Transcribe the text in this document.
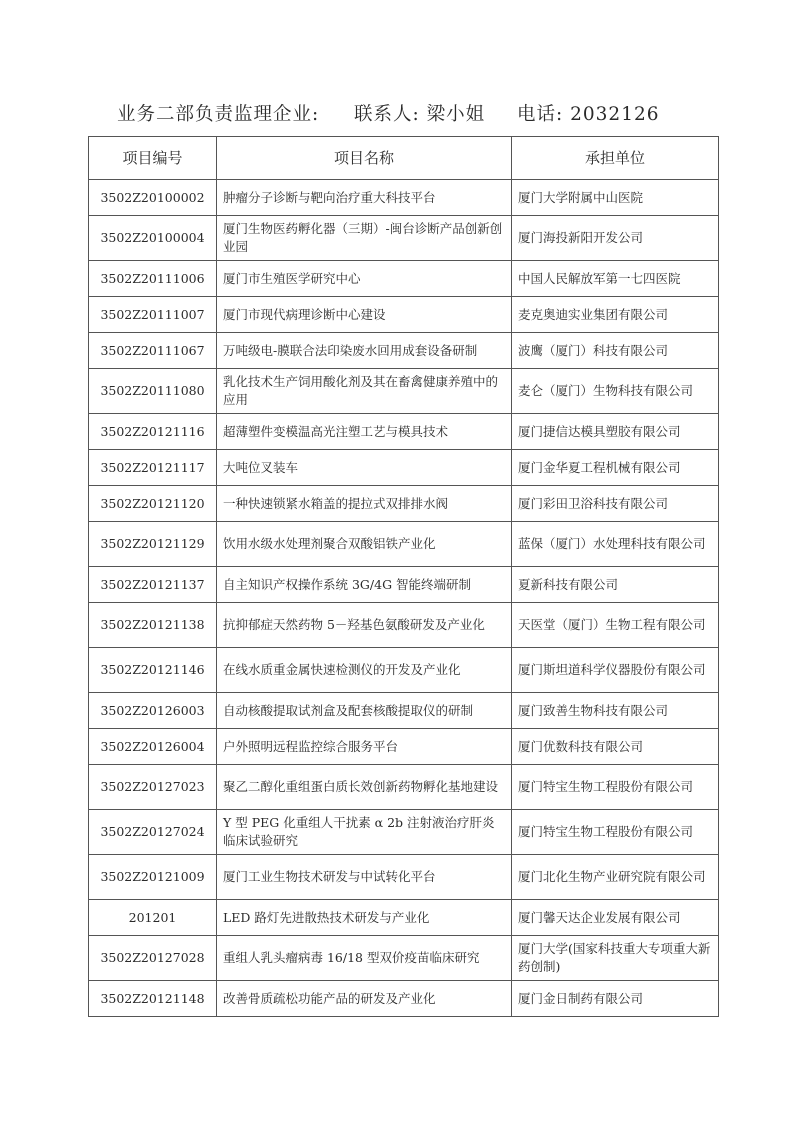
业务二部负责监理企业: 联系人: 梁小姐 电话: 2032126
项目编号	项目名称	承担单位
3502Z20100002	肿瘤分子诊断与靶向治疗重大科技平台	厦门大学附属中山医院
3502Z20100004	厦门生物医药孵化器（三期）-闽台诊断产品创新创业园	厦门海投新阳开发公司
3502Z20111006	厦门市生殖医学研究中心	中国人民解放军第一七四医院
3502Z20111007	厦门市现代病理诊断中心建设	麦克奥迪实业集团有限公司
3502Z20111067	万吨级电-膜联合法印染废水回用成套设备研制	波鹰（厦门）科技有限公司
3502Z20111080	乳化技术生产饲用酸化剂及其在畜禽健康养殖中的应用	麦仑（厦门）生物科技有限公司
3502Z20121116	超薄塑件变模温高光注塑工艺与模具技术	厦门捷信达模具塑胶有限公司
3502Z20121117	大吨位叉装车	厦门金华夏工程机械有限公司
3502Z20121120	一种快速锁紧水箱盖的提拉式双排排水阀	厦门彩田卫浴科技有限公司
3502Z20121129	饮用水级水处理剂聚合双酸铝铁产业化	蓝保（厦门）水处理科技有限公司
3502Z20121137	自主知识产权操作系统 3G/4G 智能终端研制	夏新科技有限公司
3502Z20121138	抗抑郁症天然药物 5－羟基色氨酸研发及产业化	天医堂（厦门）生物工程有限公司
3502Z20121146	在线水质重金属快速检测仪的开发及产业化	厦门斯坦道科学仪器股份有限公司
3502Z20126003	自动核酸提取试剂盒及配套核酸提取仪的研制	厦门致善生物科技有限公司
3502Z20126004	户外照明远程监控综合服务平台	厦门优数科技有限公司
3502Z20127023	聚乙二醇化重组蛋白质长效创新药物孵化基地建设	厦门特宝生物工程股份有限公司
3502Z20127024	Y 型 PEG 化重组人干扰素 α 2b 注射液治疗肝炎临床试验研究	厦门特宝生物工程股份有限公司
3502Z20121009	厦门工业生物技术研发与中试转化平台	厦门北化生物产业研究院有限公司
201201	LED 路灯先进散热技术研发与产业化	厦门馨天达企业发展有限公司
3502Z20127028	重组人乳头瘤病毒 16/18 型双价疫苗临床研究	厦门大学(国家科技重大专项重大新药创制)
3502Z20121148	改善骨质疏松功能产品的研发及产业化	厦门金日制药有限公司
